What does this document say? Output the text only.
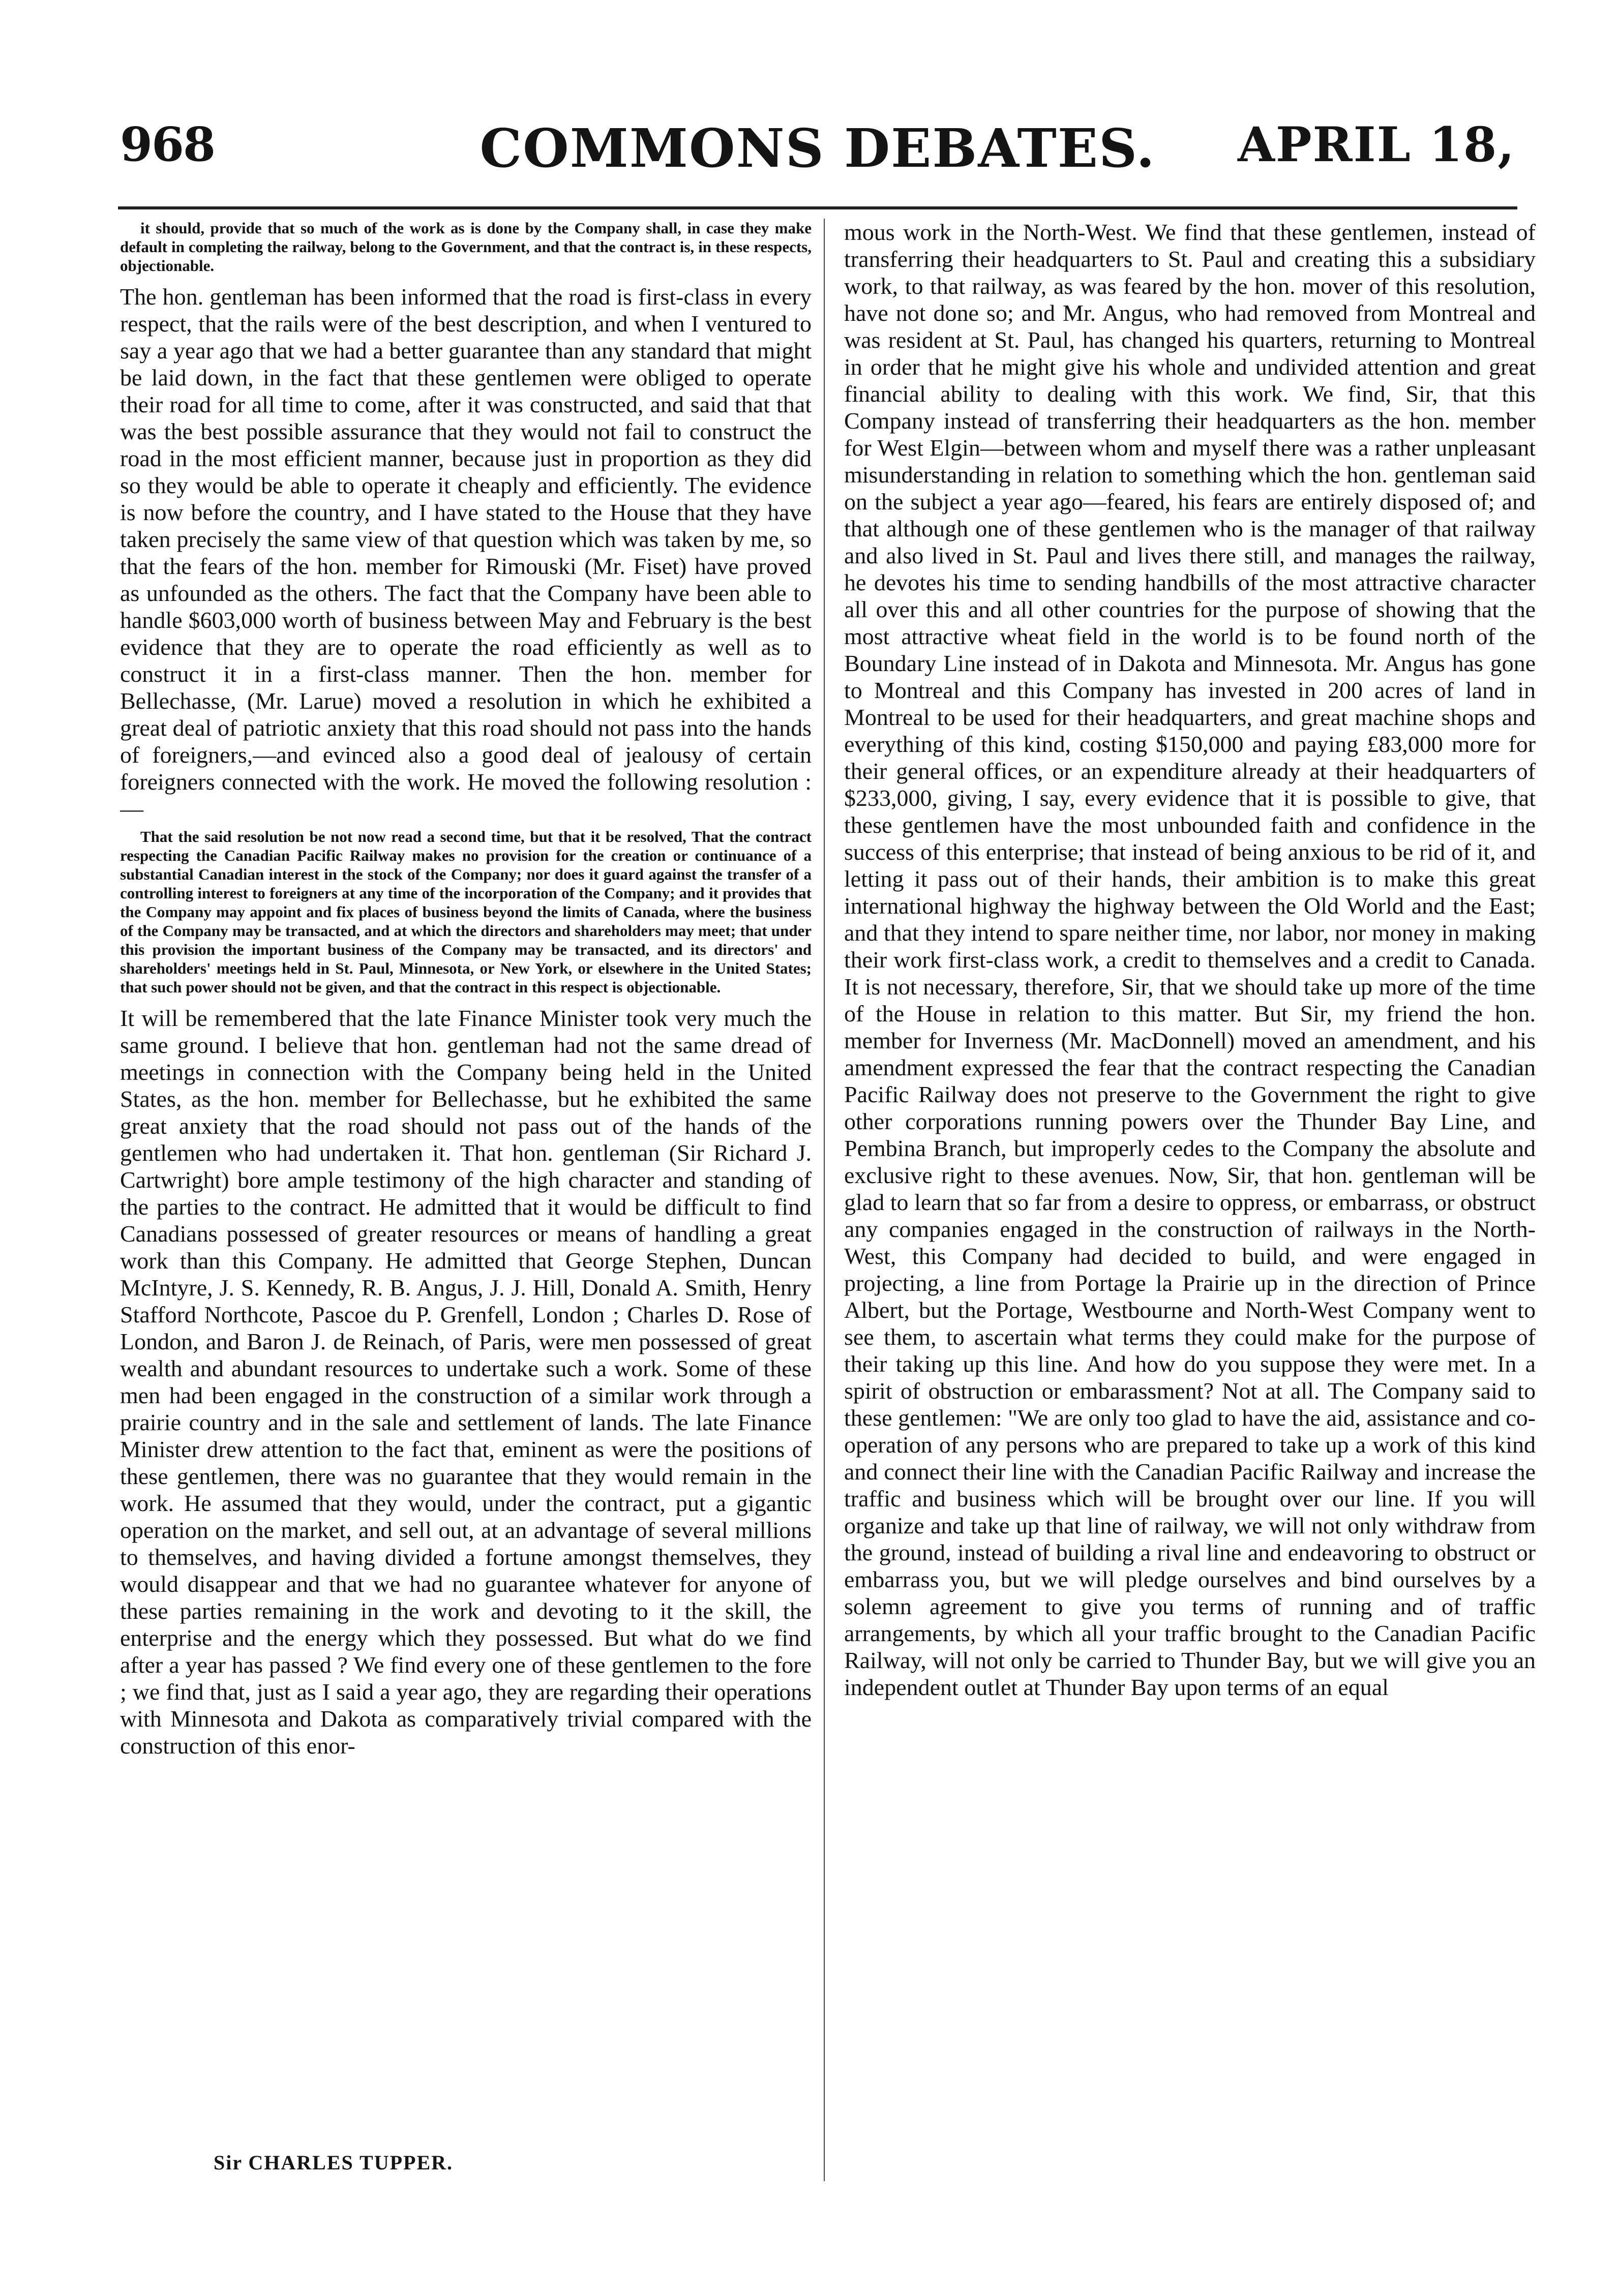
968	COMMONS DEBATES.	APRIL 18,

it should, provide that so much of the work as is done by the Company shall, in case they make default in completing the railway, belong to the Government, and that the contract is, in these respects, objectionable.

The hon. gentleman has been informed that the road is first-class in every respect, that the rails were of the best description, and when I ventured to say a year ago that we had a better guarantee than any standard that might be laid down, in the fact that these gentlemen were obliged to operate their road for all time to come, after it was constructed, and said that that was the best possible assurance that they would not fail to construct the road in the most efficient manner, because just in proportion as they did so they would be able to operate it cheaply and efficiently. The evidence is now before the country, and I have stated to the House that they have taken precisely the same view of that question which was taken by me, so that the fears of the hon. member for Rimouski (Mr. Fiset) have proved as unfounded as the others. The fact that the Company have been able to handle $603,000 worth of business between May and February is the best evidence that they are to operate the road efficiently as well as to construct it in a first-class manner. Then the hon. member for Bellechasse, (Mr. Larue) moved a resolution in which he exhibited a great deal of patriotic anxiety that this road should not pass into the hands of foreigners,—and evinced also a good deal of jealousy of certain foreigners connected with the work. He moved the following resolution :—

That the said resolution be not now read a second time, but that it be resolved, That the contract respecting the Canadian Pacific Railway makes no provision for the creation or continuance of a substantial Canadian interest in the stock of the Company; nor does it guard against the transfer of a controlling interest to foreigners at any time of the incorporation of the Company; and it provides that the Company may appoint and fix places of business beyond the limits of Canada, where the business of the Company may be transacted, and at which the directors and shareholders may meet; that under this provision the important business of the Company may be transacted, and its directors' and shareholders' meetings held in St. Paul, Minnesota, or New York, or elsewhere in the United States; that such power should not be given, and that the contract in this respect is objectionable.

It will be remembered that the late Finance Minister took very much the same ground. I believe that hon. gentleman had not the same dread of meetings in connection with the Company being held in the United States, as the hon. member for Bellechasse, but he exhibited the same great anxiety that the road should not pass out of the hands of the gentlemen who had undertaken it. That hon. gentleman (Sir Richard J. Cartwright) bore ample testimony of the high character and standing of the parties to the contract. He admitted that it would be difficult to find Canadians possessed of greater resources or means of handling a great work than this Company. He admitted that George Stephen, Duncan McIntyre, J. S. Kennedy, R. B. Angus, J. J. Hill, Donald A. Smith, Henry Stafford Northcote, Pascoe du P. Grenfell, London ; Charles D. Rose of London, and Baron J. de Reinach, of Paris, were men possessed of great wealth and abundant resources to undertake such a work. Some of these men had been engaged in the construction of a similar work through a prairie country and in the sale and settlement of lands. The late Finance Minister drew attention to the fact that, eminent as were the positions of these gentlemen, there was no guarantee that they would remain in the work. He assumed that they would, under the contract, put a gigantic operation on the market, and sell out, at an advantage of several millions to themselves, and having divided a fortune amongst themselves, they would disappear and that we had no guarantee whatever for anyone of these parties remaining in the work and devoting to it the skill, the enterprise and the energy which they possessed. But what do we find after a year has passed ? We find every one of these gentlemen to the fore ; we find that, just as I said a year ago, they are regarding their operations with Minnesota and Dakota as comparatively trivial compared with the construction of this enor-

mous work in the North-West. We find that these gentlemen, instead of transferring their headquarters to St. Paul and creating this a subsidiary work, to that railway, as was feared by the hon. mover of this resolution, have not done so; and Mr. Angus, who had removed from Montreal and was resident at St. Paul, has changed his quarters, returning to Montreal in order that he might give his whole and undivided attention and great financial ability to dealing with this work. We find, Sir, that this Company instead of transferring their headquarters as the hon. member for West Elgin—between whom and myself there was a rather unpleasant misunderstanding in relation to something which the hon. gentleman said on the subject a year ago—feared, his fears are entirely disposed of; and that although one of these gentlemen who is the manager of that railway and also lived in St. Paul and lives there still, and manages the railway, he devotes his time to sending handbills of the most attractive character all over this and all other countries for the purpose of showing that the most attractive wheat field in the world is to be found north of the Boundary Line instead of in Dakota and Minnesota. Mr. Angus has gone to Montreal and this Company has invested in 200 acres of land in Montreal to be used for their headquarters, and great machine shops and everything of this kind, costing $150,000 and paying £83,000 more for their general offices, or an expenditure already at their headquarters of $233,000, giving, I say, every evidence that it is possible to give, that these gentlemen have the most unbounded faith and confidence in the success of this enterprise; that instead of being anxious to be rid of it, and letting it pass out of their hands, their ambition is to make this great international highway the highway between the Old World and the East; and that they intend to spare neither time, nor labor, nor money in making their work first-class work, a credit to themselves and a credit to Canada. It is not necessary, therefore, Sir, that we should take up more of the time of the House in relation to this matter. But Sir, my friend the hon. member for Inverness (Mr. MacDonnell) moved an amendment, and his amendment expressed the fear that the contract respecting the Canadian Pacific Railway does not preserve to the Government the right to give other corporations running powers over the Thunder Bay Line, and Pembina Branch, but improperly cedes to the Company the absolute and exclusive right to these avenues. Now, Sir, that hon. gentleman will be glad to learn that so far from a desire to oppress, or embarrass, or obstruct any companies engaged in the construction of railways in the North-West, this Company had decided to build, and were engaged in projecting, a line from Portage la Prairie up in the direction of Prince Albert, but the Portage, Westbourne and North-West Company went to see them, to ascertain what terms they could make for the purpose of their taking up this line. And how do you suppose they were met. In a spirit of obstruction or embarassment? Not at all. The Company said to these gentlemen: "We are only too glad to have the aid, assistance and co-operation of any persons who are prepared to take up a work of this kind and connect their line with the Canadian Pacific Railway and increase the traffic and business which will be brought over our line. If you will organize and take up that line of railway, we will not only withdraw from the ground, instead of building a rival line and endeavoring to obstruct or embarrass you, but we will pledge ourselves and bind ourselves by a solemn agreement to give you terms of running and of traffic arrangements, by which all your traffic brought to the Canadian Pacific Railway, will not only be carried to Thunder Bay, but we will give you an independent outlet at Thunder Bay upon terms of an equal

Sir CHARLES TUPPER.
